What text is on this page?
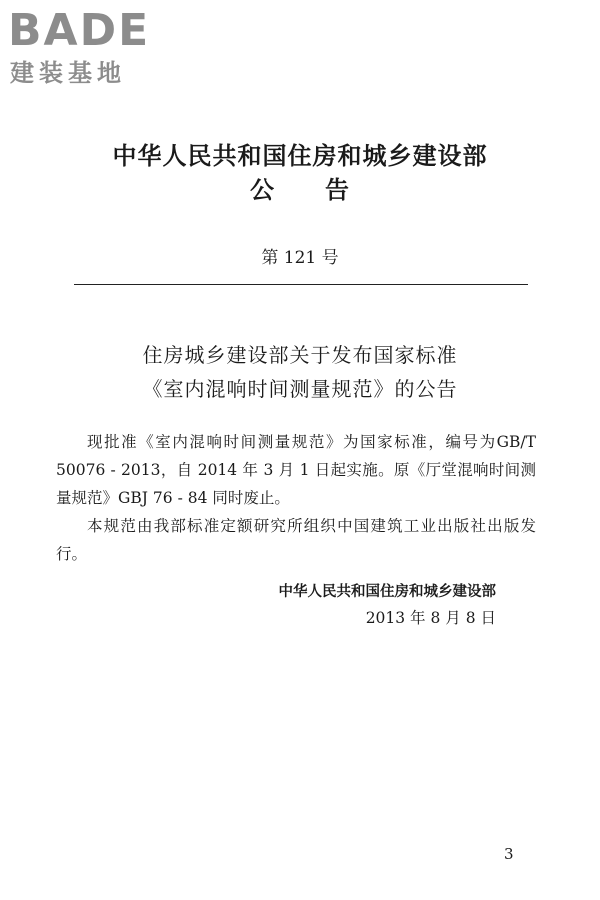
BADE
建装基地
中华人民共和国住房和城乡建设部
公　　告
第 121 号
住房城乡建设部关于发布国家标准
《室内混响时间测量规范》的公告

现批准《室内混响时间测量规范》为国家标准，编号为GB/T 50076 - 2013，自 2014 年 3 月 1 日起实施。原《厅堂混响时间测量规范》GBJ 76 - 84 同时废止。

本规范由我部标准定额研究所组织中国建筑工业出版社出版发行。

中华人民共和国住房和城乡建设部
2013 年 8 月 8 日
3
